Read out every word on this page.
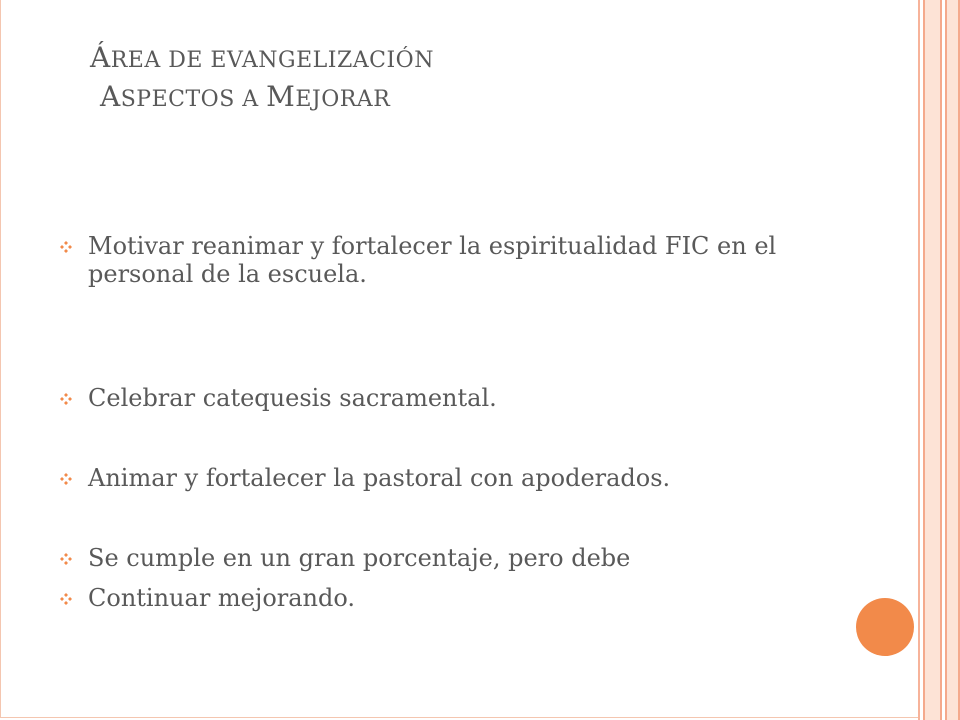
ÁREA DE EVANGELIZACIÓN
ASPECTOS A MEJORAR
Motivar reanimar y fortalecer la espiritualidad FIC en el personal de la escuela.
Celebrar catequesis sacramental.
Animar y fortalecer la pastoral con apoderados.
Se cumple en un gran porcentaje, pero debe
Continuar mejorando.
